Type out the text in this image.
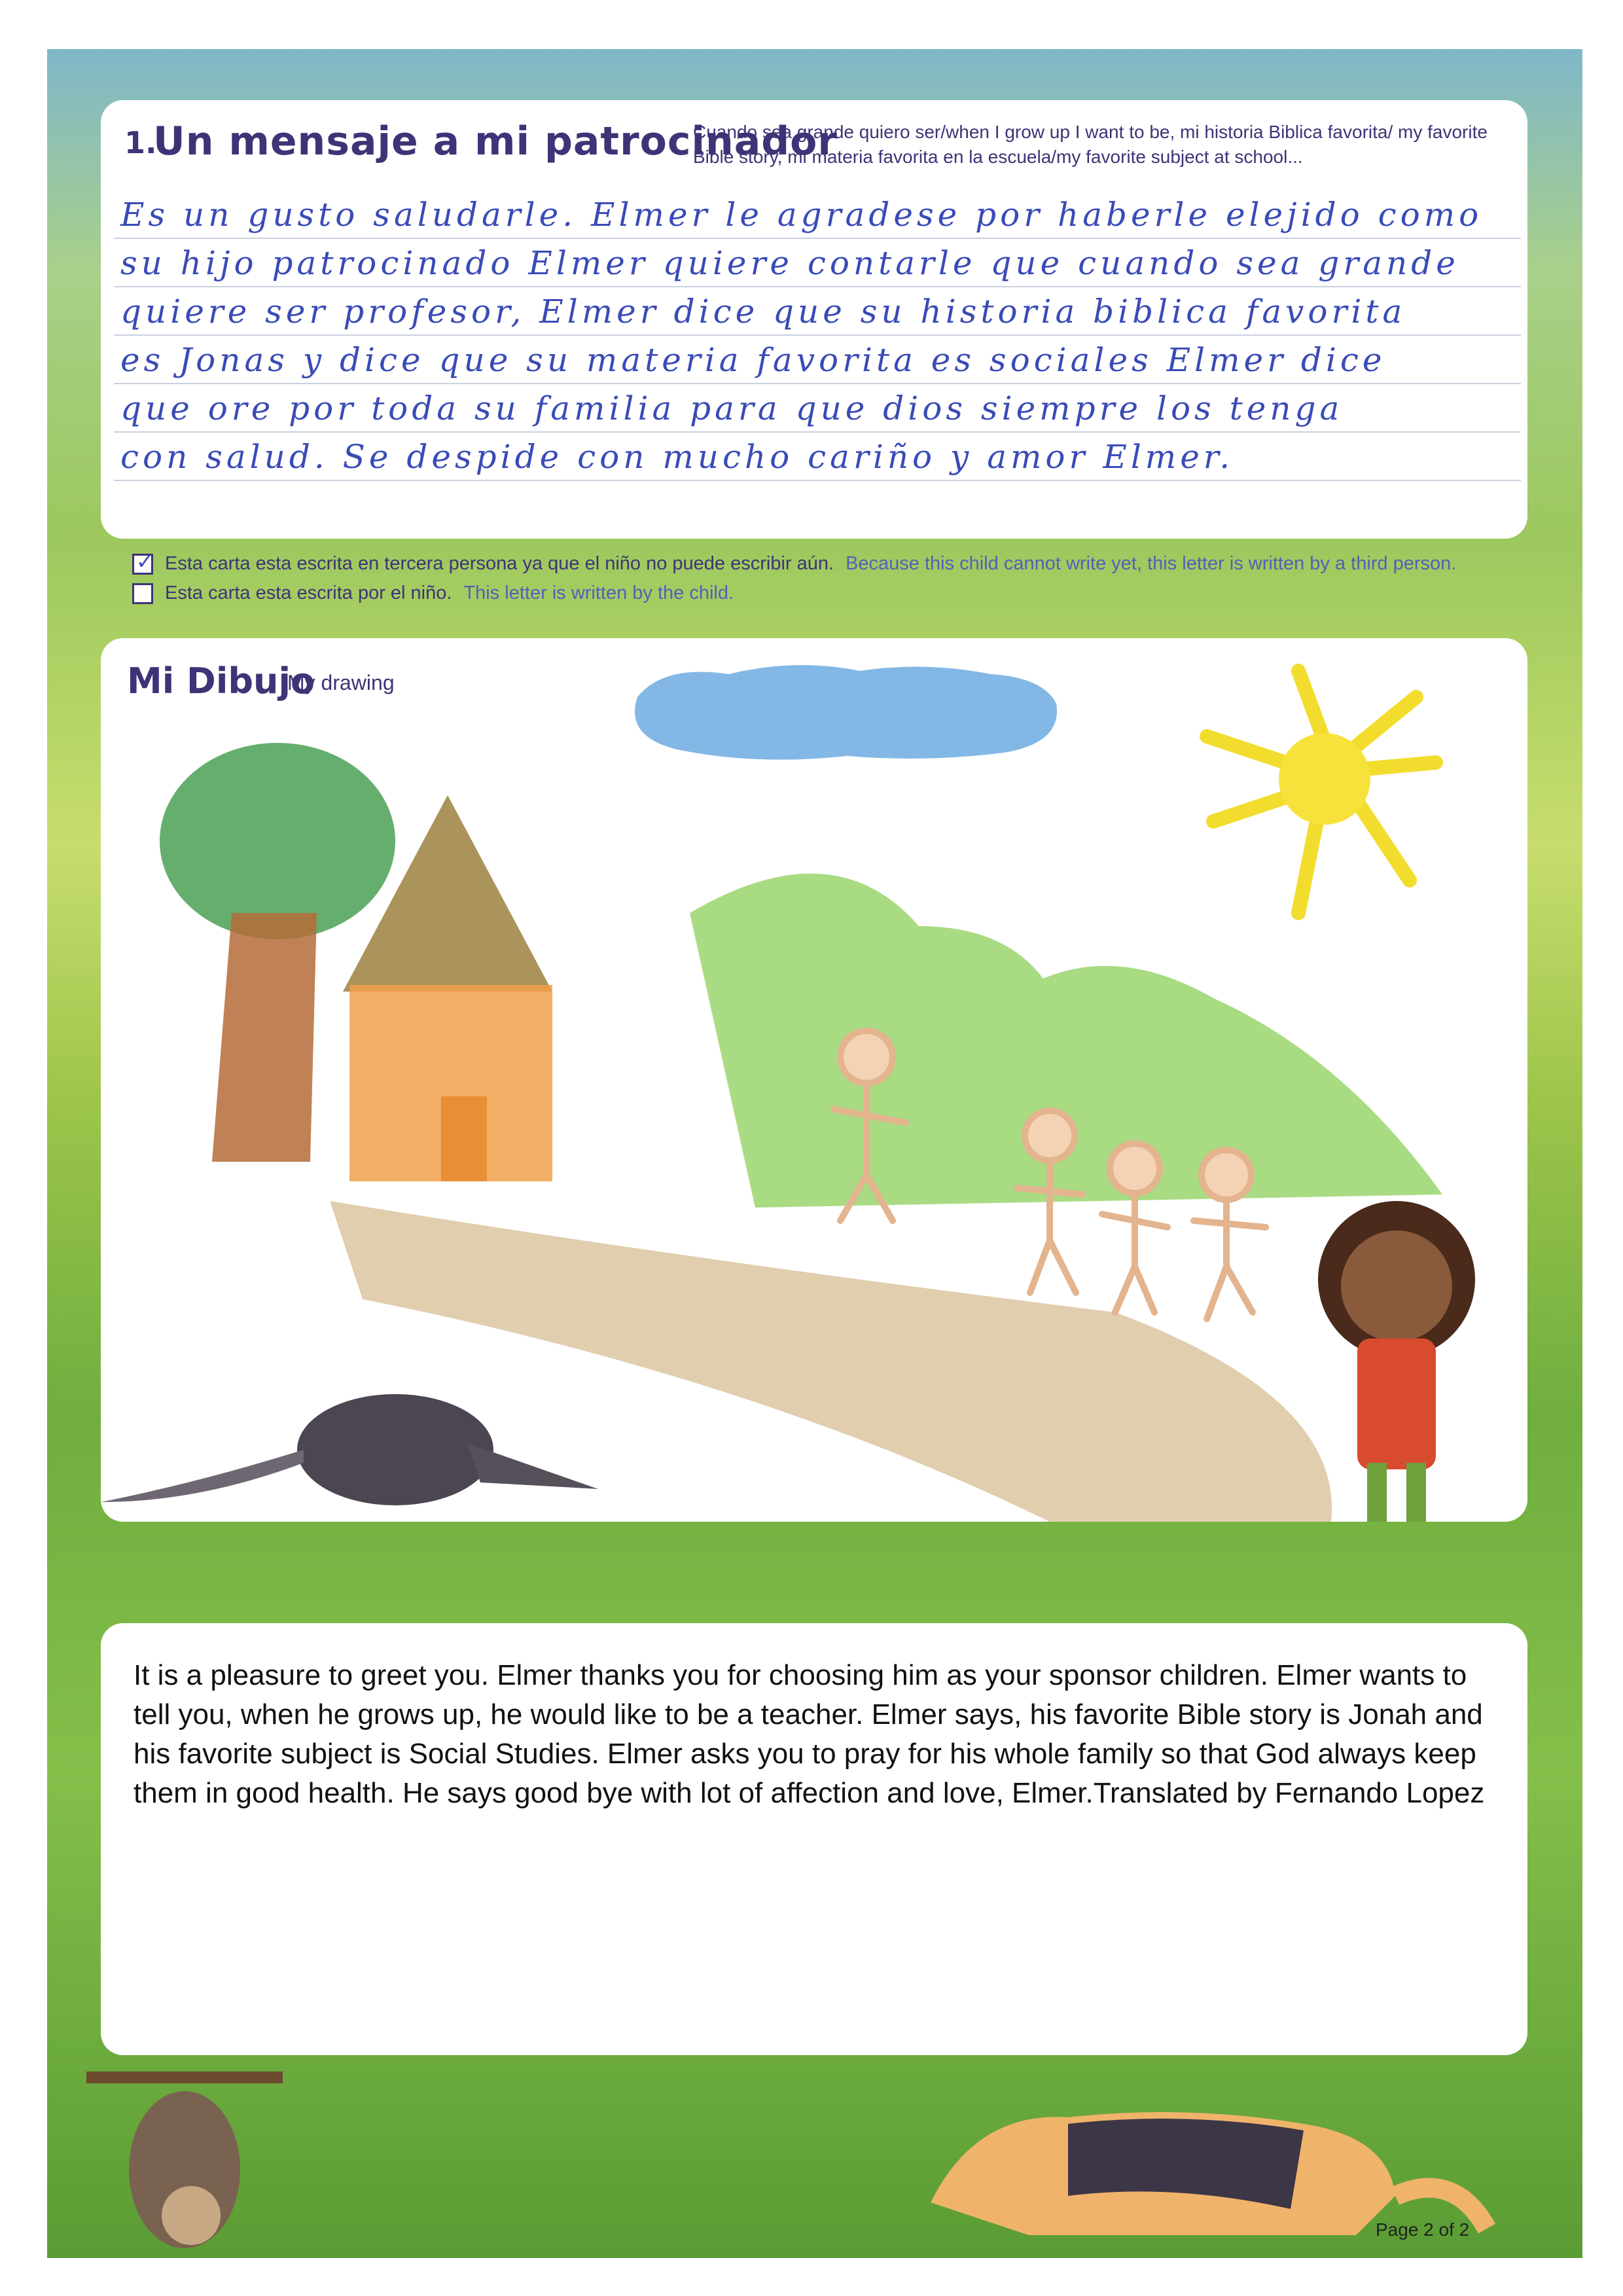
1.
Un mensaje a mi patrocinador
Cuando sea grande quiero ser/when I grow up I want to be, mi historia Biblica favorita/ my favorite Bible story, mi materia favorita en la escuela/my favorite subject at school...
Es un gusto saludarle. Elmer le agradese por haberle elejido como
su hijo patrocinado Elmer quiere contarle que cuando sea grande
quiere ser profesor, Elmer dice que su historia biblica favorita
es Jonas y dice que su materia favorita es sociales Elmer dice
que ore por toda su familia para que dios siempre los tenga
con salud. Se despide con mucho cariño y amor Elmer.
✓
Esta carta esta escrita en tercera persona ya que el niño no puede escribir aún. Because this child cannot write yet, this letter is written by a third person.
Esta carta esta escrita por el niño. This letter is written by the child.
Mi Dibujo
My drawing
It is a pleasure to greet you. Elmer thanks you for choosing him as your sponsor children. Elmer wants to tell you, when he grows up, he would like to be a teacher. Elmer says, his favorite Bible story is Jonah and his favorite subject is Social Studies. Elmer asks you to pray for his whole family so that God always keep them in good health. He says good bye with lot of affection and love, Elmer.Translated by Fernando Lopez
Page 2 of 2
